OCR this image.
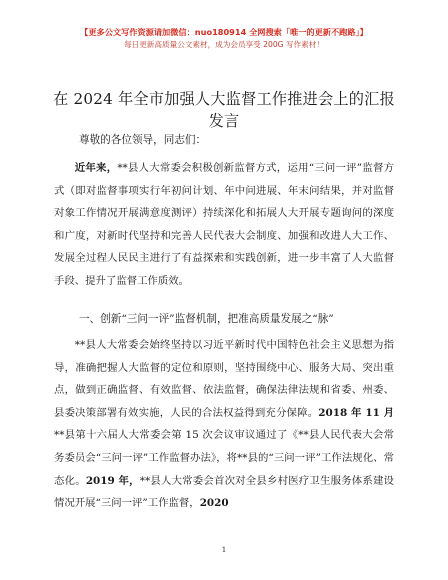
【更多公文写作资源请加微信：nuo180914 全网搜索「唯一的更新不跑路」】
每日更新高质量公文素材，成为会员享受 200G 写作素材！
在 2024 年全市加强人大监督工作推进会上的汇报发言
尊敬的各位领导，同志们：

近年来，**县人大常委会积极创新监督方式，运用“三问一评”监督方式（即对监督事项实行年初问计划、年中问进展、年末问结果，并对监督对象工作情况开展满意度测评）持续深化和拓展人大开展专题询问的深度和广度，对新时代坚持和完善人民代表大会制度、加强和改进人大工作、发展全过程人民民主进行了有益探索和实践创新，进一步丰富了人大监督手段、提升了监督工作质效。

一、创新“三问一评”监督机制，把准高质量发展之“脉”

**县人大常委会始终坚持以习近平新时代中国特色社会主义思想为指导，准确把握人大监督的定位和原则，坚持围绕中心、服务大局、突出重点，做到正确监督、有效监督、依法监督，确保法律法规和省委、州委、县委决策部署有效实施，人民的合法权益得到充分保障。2018 年 11 月**县第十六届人大常委会第 15 次会议审议通过了《**县人民代表大会常务委员会“三问一评”工作监督办法》，将**县的“三问一评”工作法规化、常态化。2019 年，**县人大常委会首次对全县乡村医疗卫生服务体系建设情况开展“三问一评”工作监督，2020

1
